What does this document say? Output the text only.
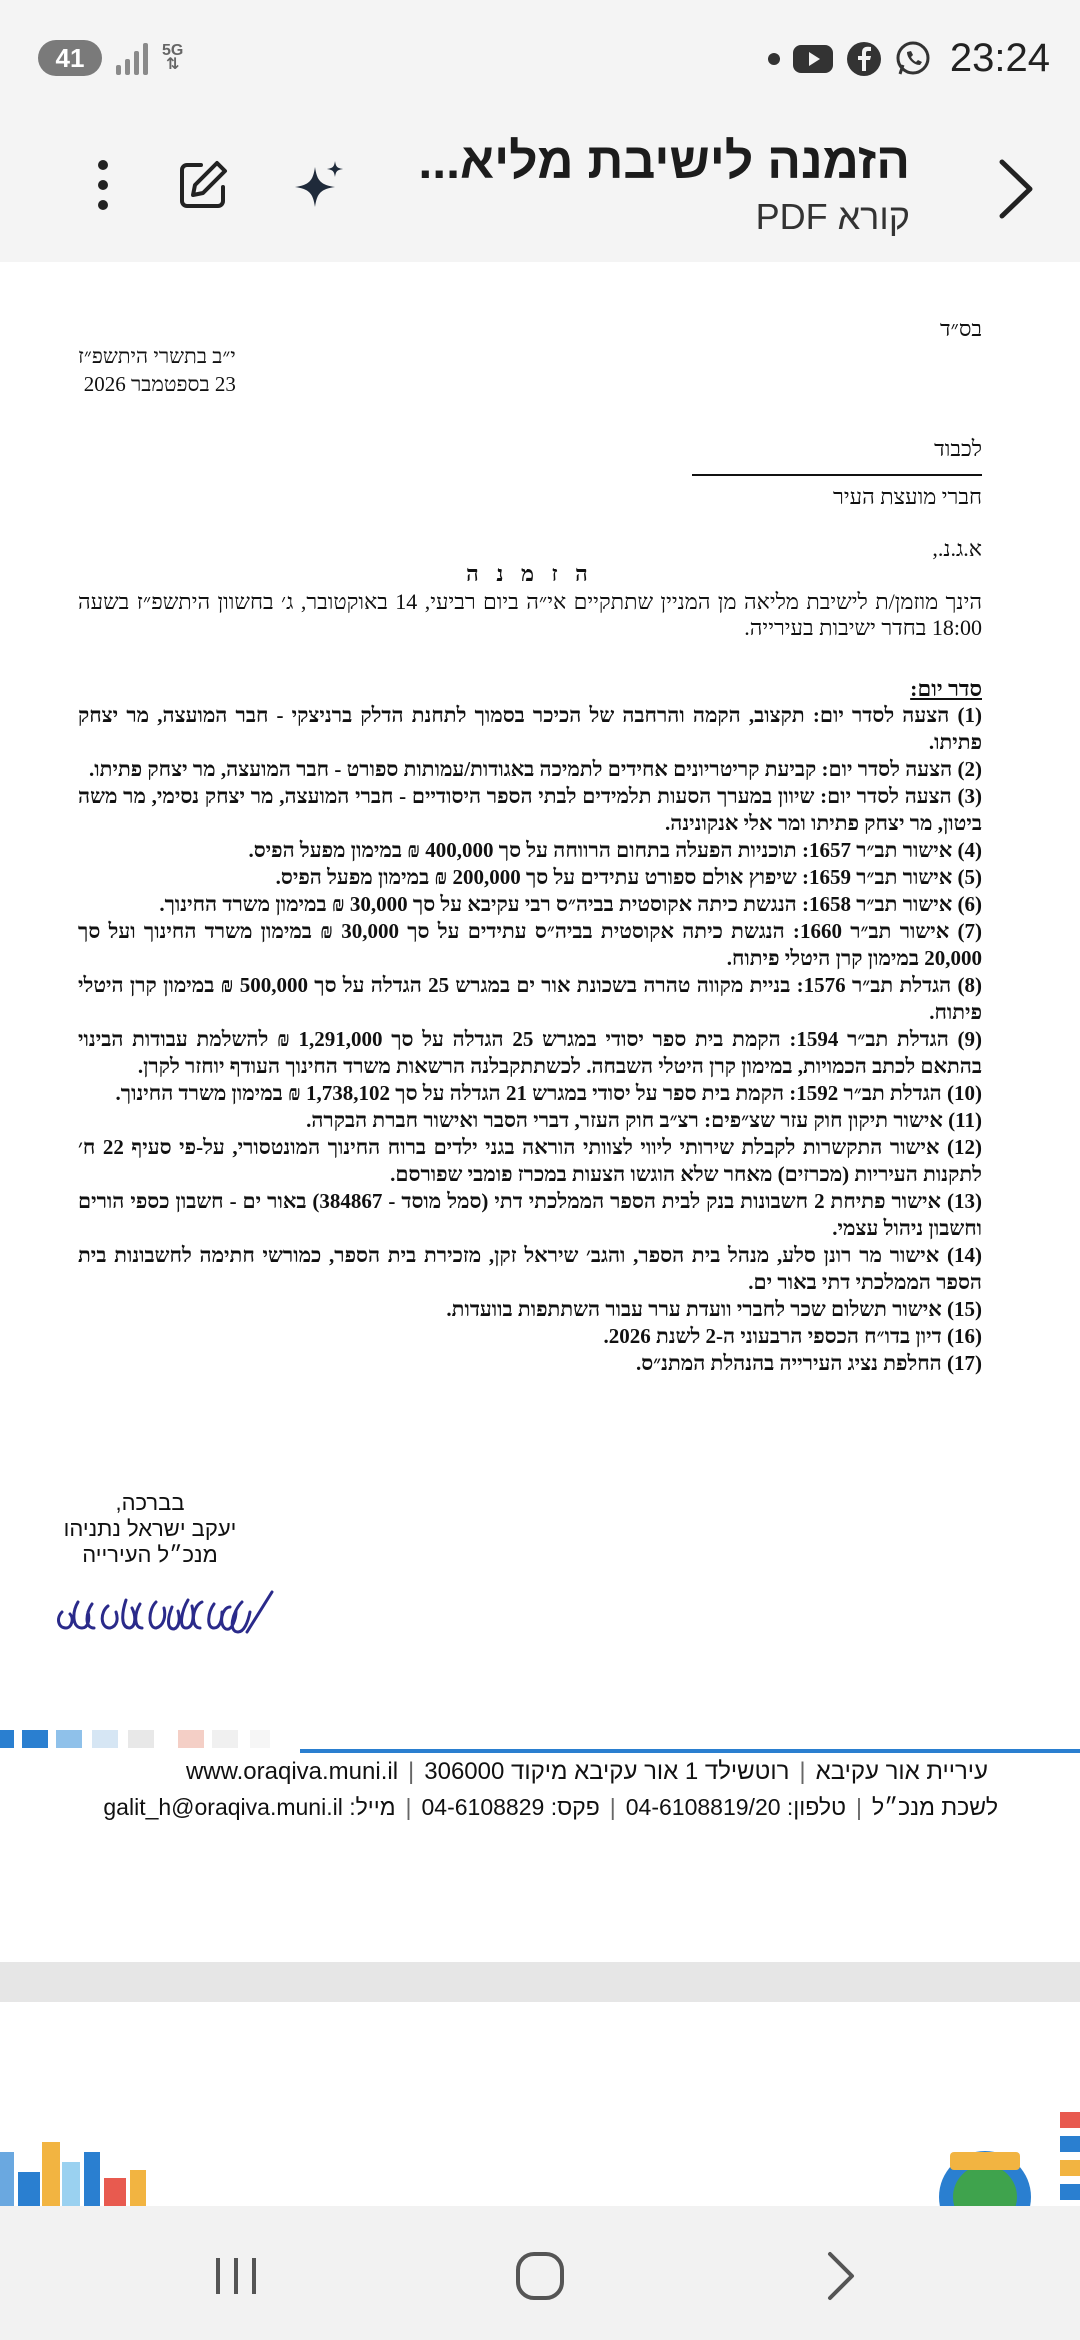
41	5G
⇅	23:24
הזמנה לישיבת מליא...
קורא PDF
בס״ד
י״ב בתשרי היתשפ״ז
23 בספטמבר 2026
לכבוד
חברי מועצת העיר
א.ג.נ.,
ה ז מ נ ה
הינך מוזמן/ת לישיבת מליאה מן המניין שתתקיים אי״ה ביום רביעי, 14 באוקטובר, ג׳ בחשוון היתשפ״ז בשעה 18:00 בחדר ישיבות בעירייה.
סדר יום:
(1) הצעה לסדר יום: תקצוב, הקמה והרחבה של הכיכר בסמוך לתחנת הדלק ברניצקי - חבר המועצה, מר יצחק פתיתו.
(2) הצעה לסדר יום: קביעת קריטריונים אחידים לתמיכה באגודות/עמותות ספורט - חבר המועצה, מר יצחק פתיתו.
(3) הצעה לסדר יום: שיוון במערך הסעות תלמידים לבתי הספר היסודיים - חברי המועצה, מר יצחק נסימי, מר משה ביטון, מר יצחק פתיתו ומר אלי אנקונינה.
(4) אישור תב״ר 1657: תוכניות הפעלה בתחום הרווחה על סך 400,000 ₪ במימון מפעל הפיס.
(5) אישור תב״ר 1659: שיפוץ אולם ספורט עתידים על סך 200,000 ₪ במימון מפעל הפיס.
(6) אישור תב״ר 1658: הנגשת כיתה אקוסטית בביה״ס רבי עקיבא על סך 30,000 ₪ במימון משרד החינוך.
(7) אישור תב״ר 1660: הנגשת כיתה אקוסטית בביה״ס עתידים על סך 30,000 ₪ במימון משרד החינוך ועל סך 20,000 במימון קרן היטלי פיתוח.
(8) הגדלת תב״ר 1576: בניית מקווה טהרה בשכונת אור ים במגרש 25 הגדלה על סך 500,000 ₪ במימון קרן היטלי פיתוח.
(9) הגדלת תב״ר 1594: הקמת בית ספר יסודי במגרש 25 הגדלה על סך 1,291,000 ₪ להשלמת עבודות הבינוי בהתאם לכתב הכמויות, במימון קרן היטלי השבחה. לכשתתקבלנה הרשאות משרד החינוך העודף יוחזר לקרן.
(10) הגדלת תב״ר 1592: הקמת בית ספר על יסודי במגרש 21 הגדלה על סך 1,738,102 ₪ במימון משרד החינוך.
(11) אישור תיקון חוק עזר שצ״פים: רצ״ב חוק העזר, דברי הסבר ואישור חברת הבקרה.
(12) אישור התקשרות לקבלת שירותי ליווי לצוותי הוראה בגני ילדים ברוח החינוך המונטסורי, על-פי סעיף 22 ח׳ לתקנות העיריות (מכרזים) מאחר שלא הוגשו הצעות במכרז פומבי שפורסם.
(13) אישור פתיחת 2 חשבונות בנק לבית הספר הממלכתי דתי (סמל מוסד - 384867) באור ים - חשבון כספי הורים וחשבון ניהול עצמי.
(14) אישור מר רונן סלע, מנהל בית הספר, והגב׳ שיראל זקן, מזכירת בית הספר, כמורשי חתימה לחשבונות בית הספר הממלכתי דתי באור ים.
(15) אישור תשלום שכר לחברי וועדת ערר עבור השתתפות בוועדות.
(16) דיון בדו״ח הכספי הרבעוני ה-2 לשנת 2026.
(17) החלפת נציג העירייה בהנהלת המתנ״ס.
בברכה,
יעקב ישראל נתניהו
מנכ״ל העירייה
עיריית אור עקיבא|רוטשילד 1 אור עקיבא מיקוד 306000|www.oraqiva.muni.il
לשכת מנכ״ל|טלפון: 04-6108819/20|פקס: 04-6108829|מייל: galit_h@oraqiva.muni.il
